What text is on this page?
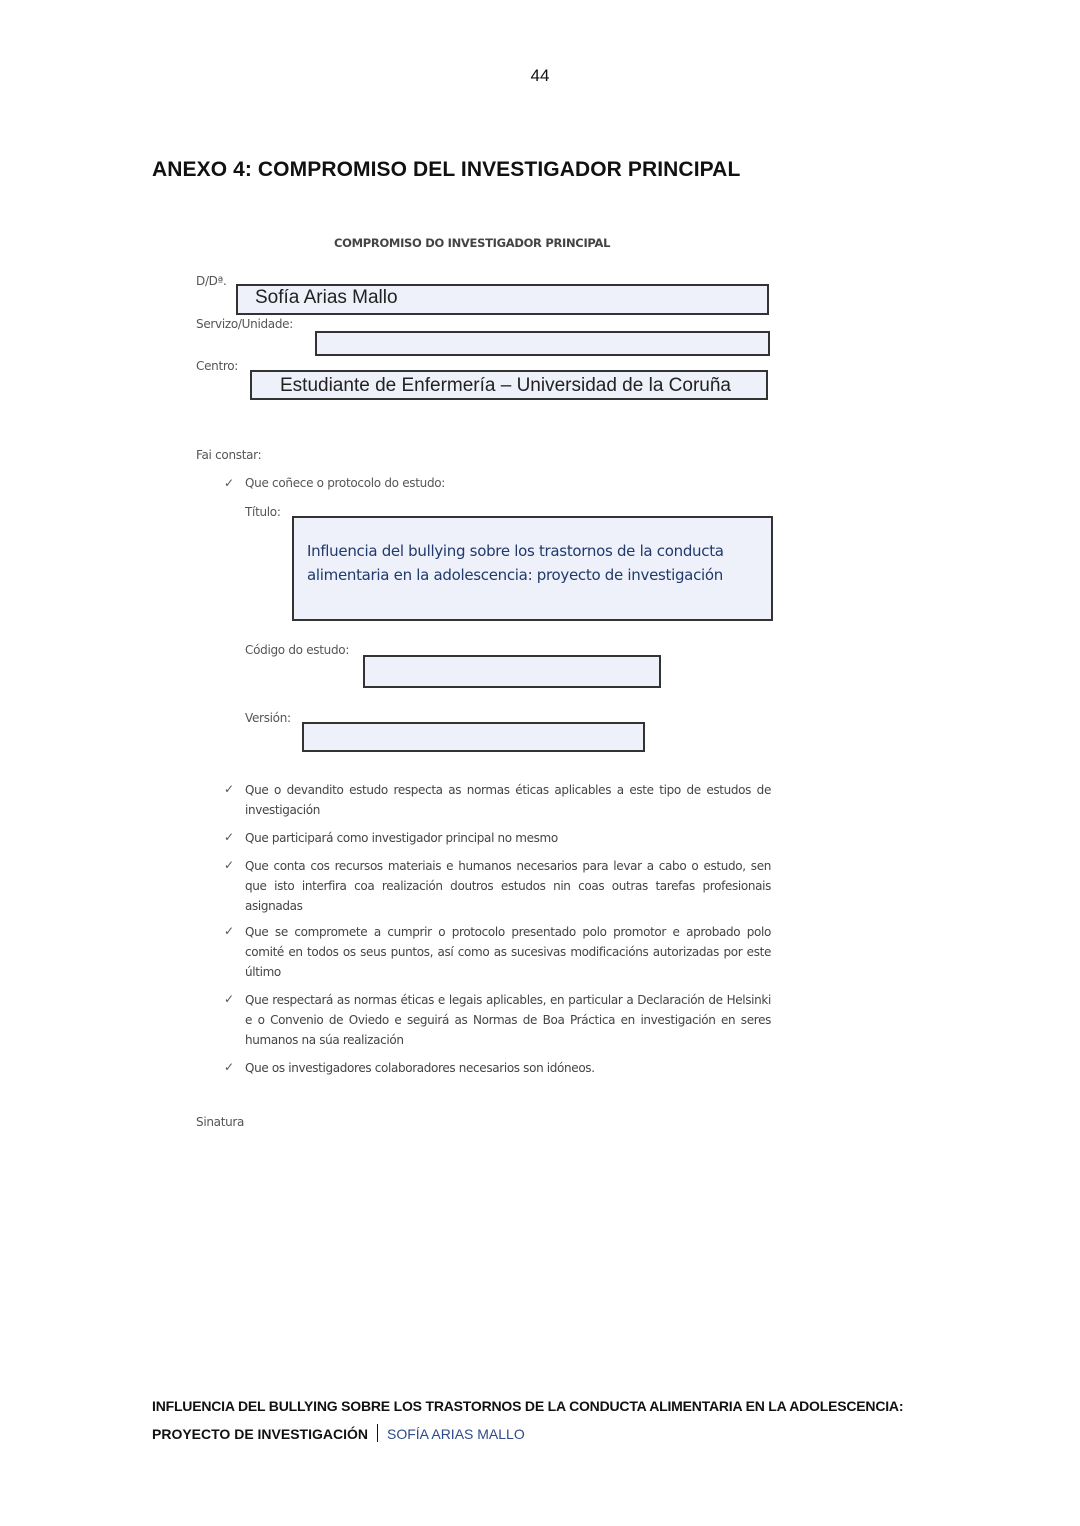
44
ANEXO 4: COMPROMISO DEL INVESTIGADOR PRINCIPAL
COMPROMISO DO INVESTIGADOR PRINCIPAL
D/Dª.
Sofía Arias Mallo
Servizo/Unidade:
Centro:
Estudiante de Enfermería – Universidad de la Coruña
Fai constar:
✓ Que coñece o protocolo do estudo:
Título:
Influencia del bullying sobre los trastornos de la conducta
alimentaria en la adolescencia: proyecto de investigación
Código do estudo:
Versión:
✓ Que o devandito estudo respecta as normas éticas aplicables a este tipo de estudos de investigación
✓ Que participará como investigador principal no mesmo
✓ Que conta cos recursos materiais e humanos necesarios para levar a cabo o estudo, sen que isto interfira coa realización doutros estudos nin coas outras tarefas profesionais asignadas
✓ Que se compromete a cumprir o protocolo presentado polo promotor e aprobado polo comité en todos os seus puntos, así como as sucesivas modificacións autorizadas por este último
✓ Que respectará as normas éticas e legais aplicables, en particular a Declaración de Helsinki e o Convenio de Oviedo e seguirá as Normas de Boa Práctica en investigación en seres humanos na súa realización
✓ Que os investigadores colaboradores necesarios son idóneos.
Sinatura
INFLUENCIA DEL BULLYING SOBRE LOS TRASTORNOS DE LA CONDUCTA ALIMENTARIA EN LA ADOLESCENCIA:
PROYECTO DE INVESTIGACIÓN SOFÍA ARIAS MALLO
